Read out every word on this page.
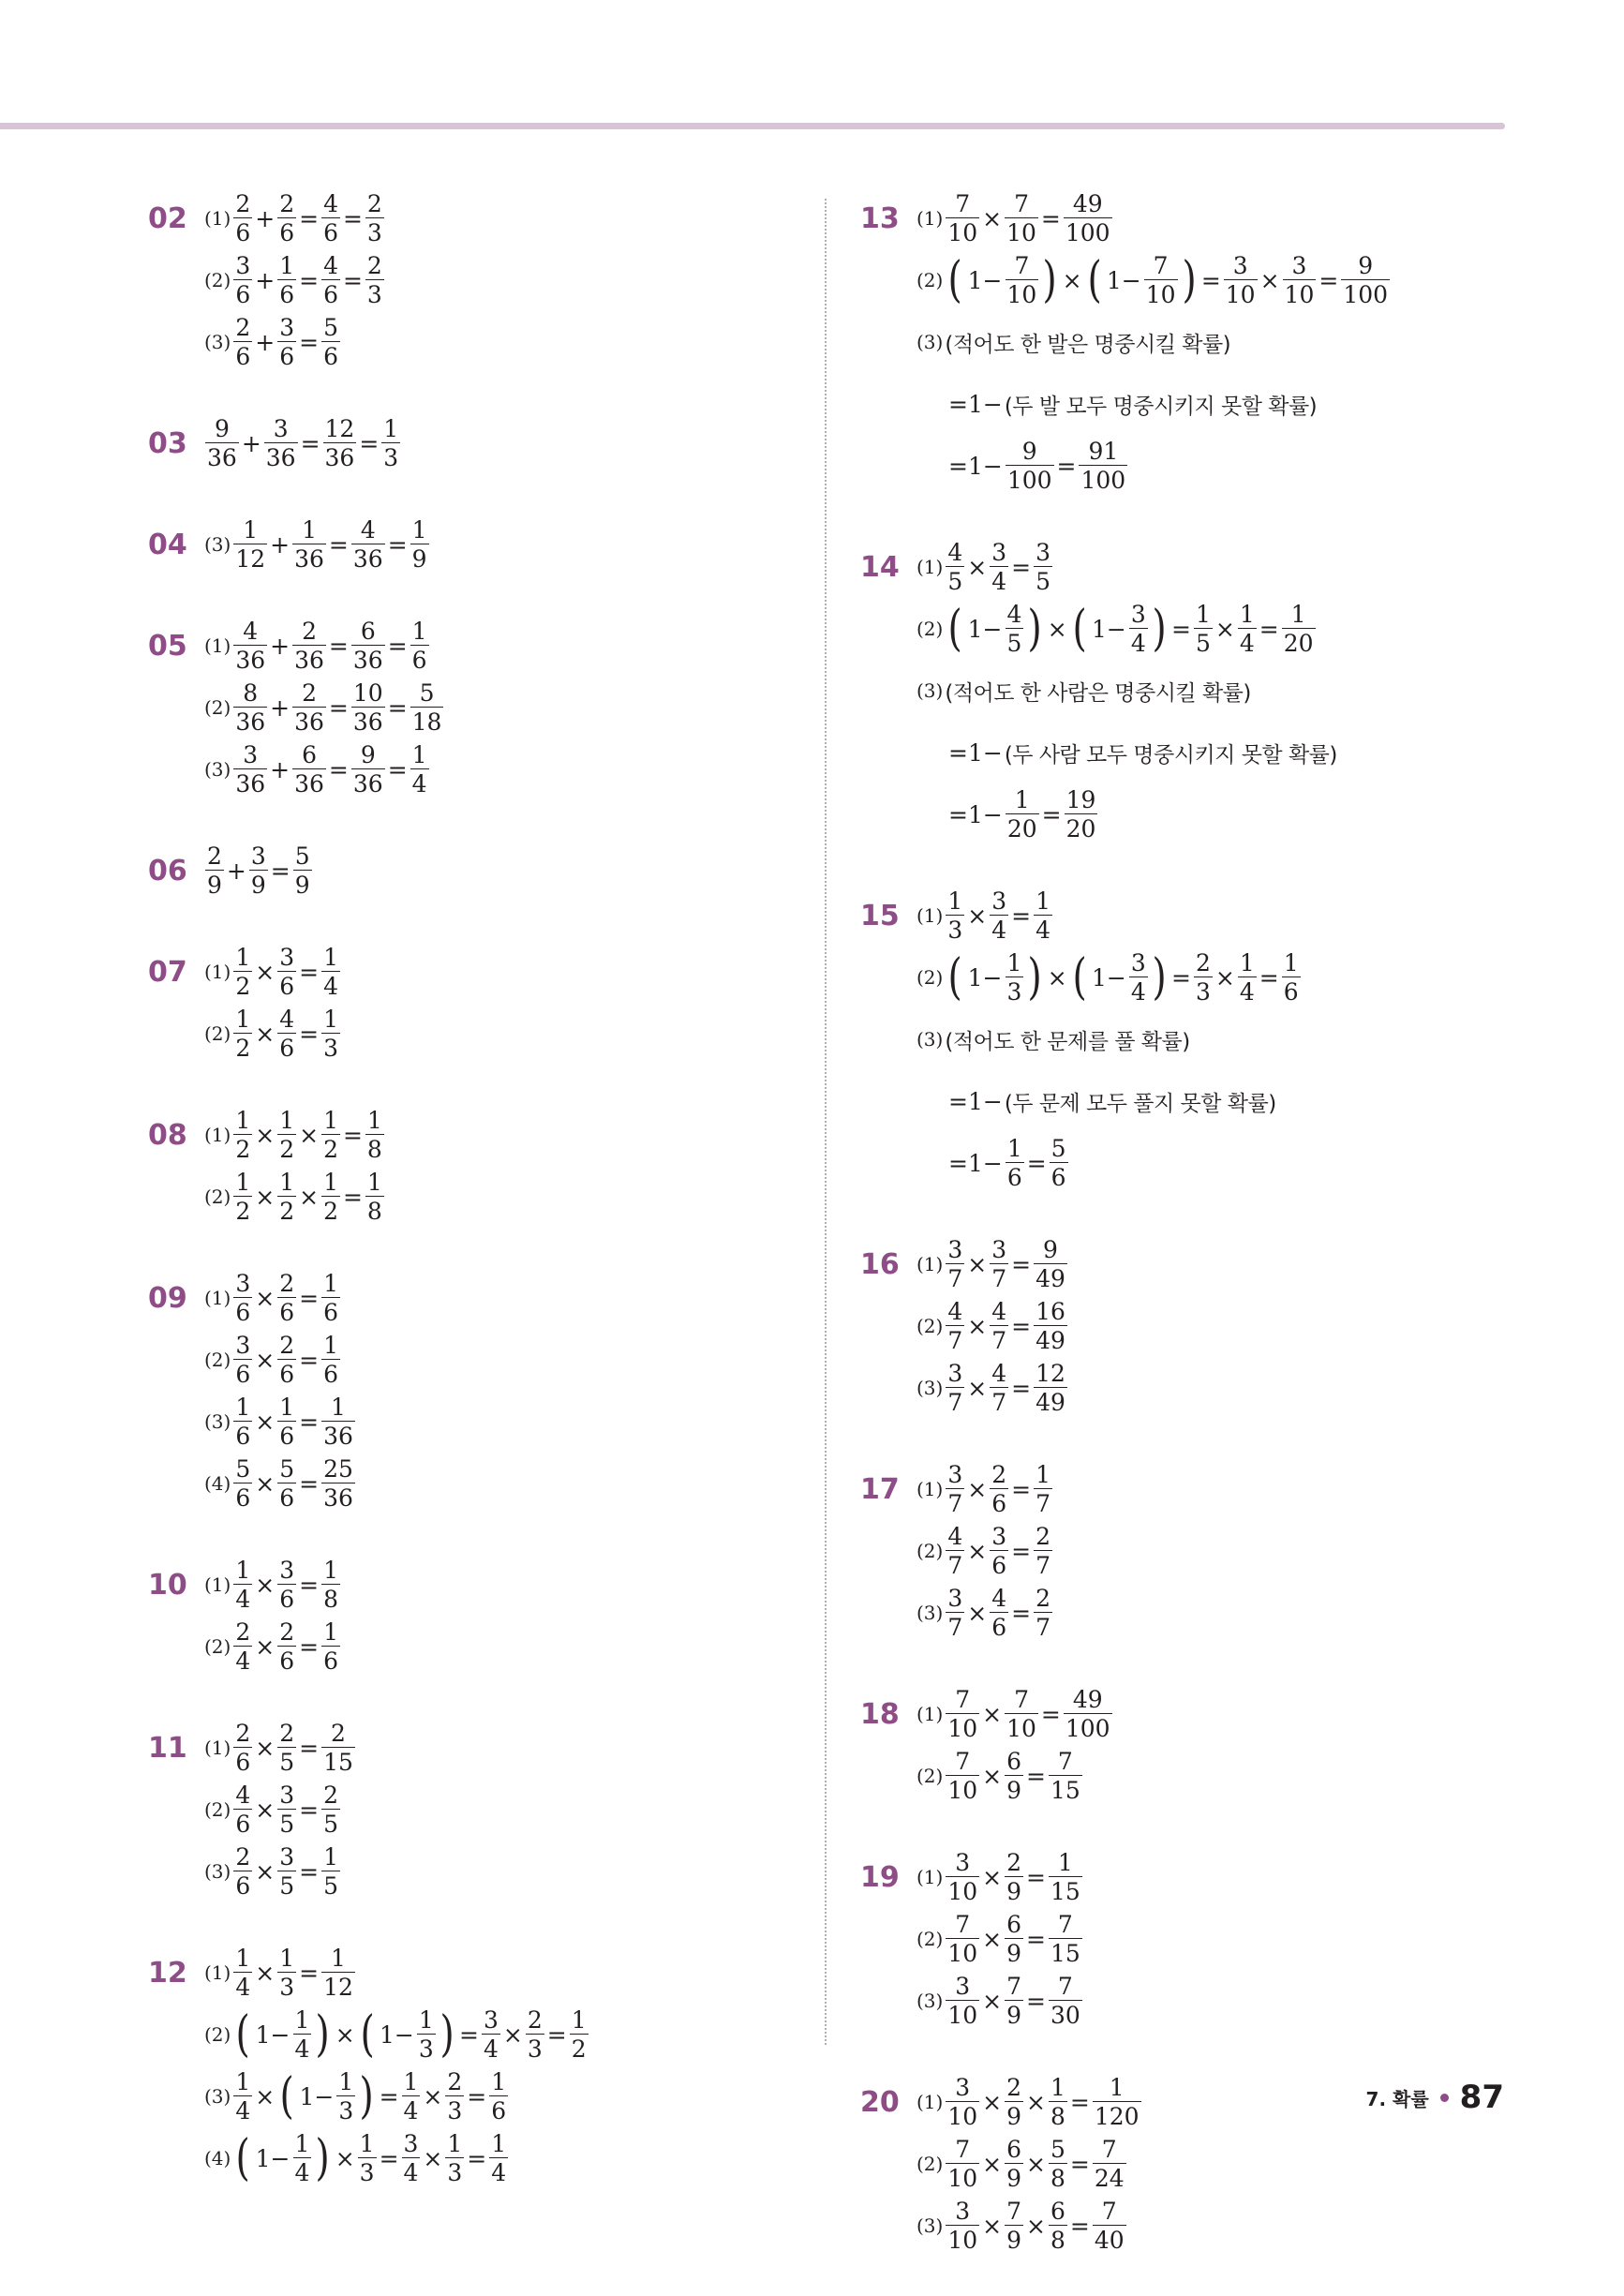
02 $(1) \frac{2}{6} + \frac{2}{6} = \frac{4}{6} = \frac{2}{3}$
$(2) \frac{3}{6} + \frac{1}{6} = \frac{4}{6} = \frac{2}{3}$
$(3) \frac{2}{6} + \frac{3}{6} = \frac{5}{6}$
$03 \frac{9}{36} + \frac{3}{36} = \frac{12}{36} = \frac{1}{3}$
04 $(3) \frac{1}{12} + \frac{1}{36} = \frac{4}{36} = \frac{1}{9}$
05 $(1) \frac{4}{36} + \frac{2}{36} = \frac{6}{36} = \frac{1}{6}$
$(2) \frac{8}{36} + \frac{2}{36} = \frac{10}{36} = \frac{5}{18}$
$(3) \frac{3}{36} + \frac{6}{36} = \frac{9}{36} = \frac{1}{4}$
$06 \frac{2}{9} + \frac{3}{9} = \frac{5}{9}$
07 $(1) \frac{1}{2} \times \frac{3}{6} = \frac{1}{4}$
$(2) \frac{1}{2} \times \frac{4}{6} = \frac{1}{3}$
08 $(1) \frac{1}{2} \times \frac{1}{2} \times \frac{1}{2} = \frac{1}{8}$
$(2) \frac{1}{2} \times \frac{1}{2} \times \frac{1}{2} = \frac{1}{8}$
09 $(1) \frac{3}{6} \times \frac{2}{6} = \frac{1}{6}$
$(2) \frac{3}{6} \times \frac{2}{6} = \frac{1}{6}$
$(3) \frac{1}{6} \times \frac{1}{6} = \frac{1}{36}$
$(4) \frac{5}{6} \times \frac{5}{6} = \frac{25}{36}$
10 $(1) \frac{1}{4} \times \frac{3}{6} = \frac{1}{8}$
$(2) \frac{2}{4} \times \frac{2}{6} = \frac{1}{6}$
11 $(1) \frac{2}{6} \times \frac{2}{5} = \frac{2}{15}$
$(2) \frac{4}{6} \times \frac{3}{5} = \frac{2}{5}$
$(3) \frac{2}{6} \times \frac{3}{5} = \frac{1}{5}$
12 $(1) \frac{1}{4} \times \frac{1}{3} = \frac{1}{12}$
(2) ( $1- \frac{1}{4}$ ) × ( $1- \frac{1}{3}$ ) = $\frac{3}{4} \times \frac{2}{3} = \frac{1}{2}$
$(3) \frac{1}{4}$ × ( $1- \frac{1}{3}$ ) = $\frac{1}{4} \times \frac{2}{3} = \frac{1}{6}$
(4) ( $1- \frac{1}{4}$ ) × $\frac{1}{3} = \frac{3}{4} \times \frac{1}{3} = \frac{1}{4}$
13 $(1) \frac{7}{10} \times \frac{7}{10} = \frac{49}{100}$
(2) ( $1- \frac{7}{10}$ ) × ( $1- \frac{7}{10}$ ) = $\frac{3}{10} \times \frac{3}{10} = \frac{9}{100}$
(3) (적어도 한 발은 명중시킬 확률)
=1− (두 발 모두 명중시키지 못할 확률)
$=1- \frac{9}{100} = \frac{91}{100}$
14 $(1) \frac{4}{5} \times \frac{3}{4} = \frac{3}{5}$
(2) ( $1- \frac{4}{5}$ ) × ( $1- \frac{3}{4}$ ) = $\frac{1}{5} \times \frac{1}{4} = \frac{1}{20}$
(3) (적어도 한 사람은 명중시킬 확률)
=1− (두 사람 모두 명중시키지 못할 확률)
$=1- \frac{1}{20} = \frac{19}{20}$
15 $(1) \frac{1}{3} \times \frac{3}{4} = \frac{1}{4}$
(2) ( $1- \frac{1}{3}$ ) × ( $1- \frac{3}{4}$ ) = $\frac{2}{3} \times \frac{1}{4} = \frac{1}{6}$
(3) (적어도 한 문제를 풀 확률)
=1− (두 문제 모두 풀지 못할 확률)
$=1- \frac{1}{6} = \frac{5}{6}$
16 $(1) \frac{3}{7} \times \frac{3}{7} = \frac{9}{49}$
$(2) \frac{4}{7} \times \frac{4}{7} = \frac{16}{49}$
$(3) \frac{3}{7} \times \frac{4}{7} = \frac{12}{49}$
17 $(1) \frac{3}{7} \times \frac{2}{6} = \frac{1}{7}$
$(2) \frac{4}{7} \times \frac{3}{6} = \frac{2}{7}$
$(3) \frac{3}{7} \times \frac{4}{6} = \frac{2}{7}$
18 $(1) \frac{7}{10} \times \frac{7}{10} = \frac{49}{100}$
$(2) \frac{7}{10} \times \frac{6}{9} = \frac{7}{15}$
19 $(1) \frac{3}{10} \times \frac{2}{9} = \frac{1}{15}$
$(2) \frac{7}{10} \times \frac{6}{9} = \frac{7}{15}$
$(3) \frac{3}{10} \times \frac{7}{9} = \frac{7}{30}$
20 $(1) \frac{3}{10} \times \frac{2}{9} \times \frac{1}{8} = \frac{1}{120}$
$(2) \frac{7}{10} \times \frac{6}{9} \times \frac{5}{8} = \frac{7}{24}$
$(3) \frac{3}{10} \times \frac{7}{9} \times \frac{6}{8} = \frac{7}{40}$
7. 확률 87
